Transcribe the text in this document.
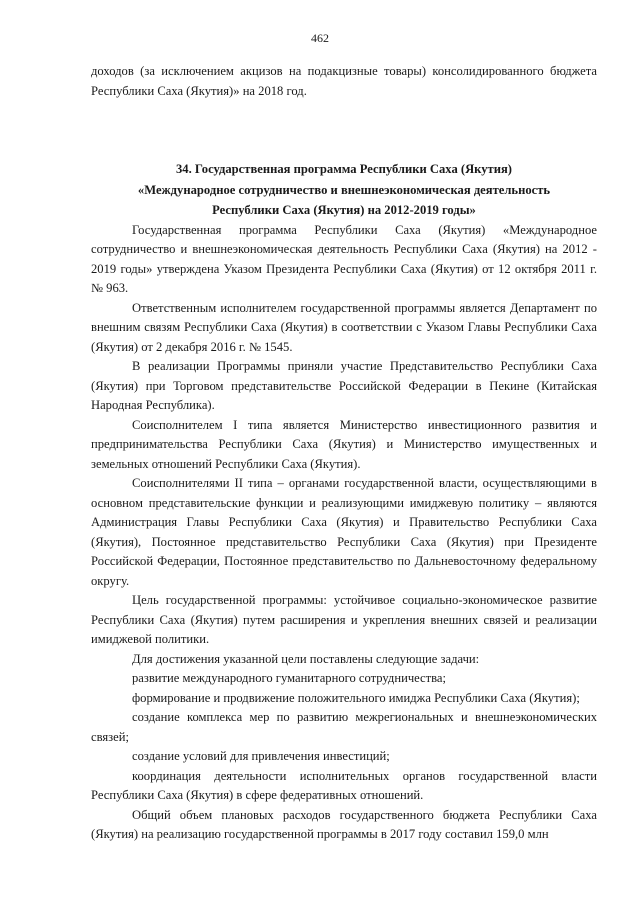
462

доходов (за исключением акцизов на подакцизные товары) консолидированного бюджета Республики Саха (Якутия)» на 2018 год.

34. Государственная программа Республики Саха (Якутия)
«Международное сотрудничество и внешнеэкономическая деятельность
Республики Саха (Якутия) на 2012-2019 годы»

Государственная программа Республики Саха (Якутия) «Международное сотрудничество и внешнеэкономическая деятельность Республики Саха (Якутия) на 2012 - 2019 годы» утверждена Указом Президента Республики Саха (Якутия) от 12 октября 2011 г. № 963.

Ответственным исполнителем государственной программы является Департамент по внешним связям Республики Саха (Якутия) в соответствии с Указом Главы Республики Саха (Якутия) от 2 декабря 2016 г. № 1545.

В реализации Программы приняли участие Представительство Республики Саха (Якутия) при Торговом представительстве Российской Федерации в Пекине (Китайская Народная Республика).

Соисполнителем I типа является Министерство инвестиционного развития и предпринимательства Республики Саха (Якутия) и Министерство имущественных и земельных отношений Республики Саха (Якутия).

Соисполнителями II типа – органами государственной власти, осуществляющими в основном представительские функции и реализующими имиджевую политику – являются Администрация Главы Республики Саха (Якутия) и Правительство Республики Саха (Якутия), Постоянное представительство Республики Саха (Якутия) при Президенте Российской Федерации, Постоянное представительство по Дальневосточному федеральному округу.

Цель государственной программы: устойчивое социально-экономическое развитие Республики Саха (Якутия) путем расширения и укрепления внешних связей и реализации имиджевой политики.

Для достижения указанной цели поставлены следующие задачи:

развитие международного гуманитарного сотрудничества;

формирование и продвижение положительного имиджа Республики Саха (Якутия);

создание комплекса мер по развитию межрегиональных и внешнеэкономических связей;

создание условий для привлечения инвестиций;

координация деятельности исполнительных органов государственной власти Республики Саха (Якутия) в сфере федеративных отношений.

Общий объем плановых расходов государственного бюджета Республики Саха (Якутия) на реализацию государственной программы в 2017 году составил 159,0 млн
